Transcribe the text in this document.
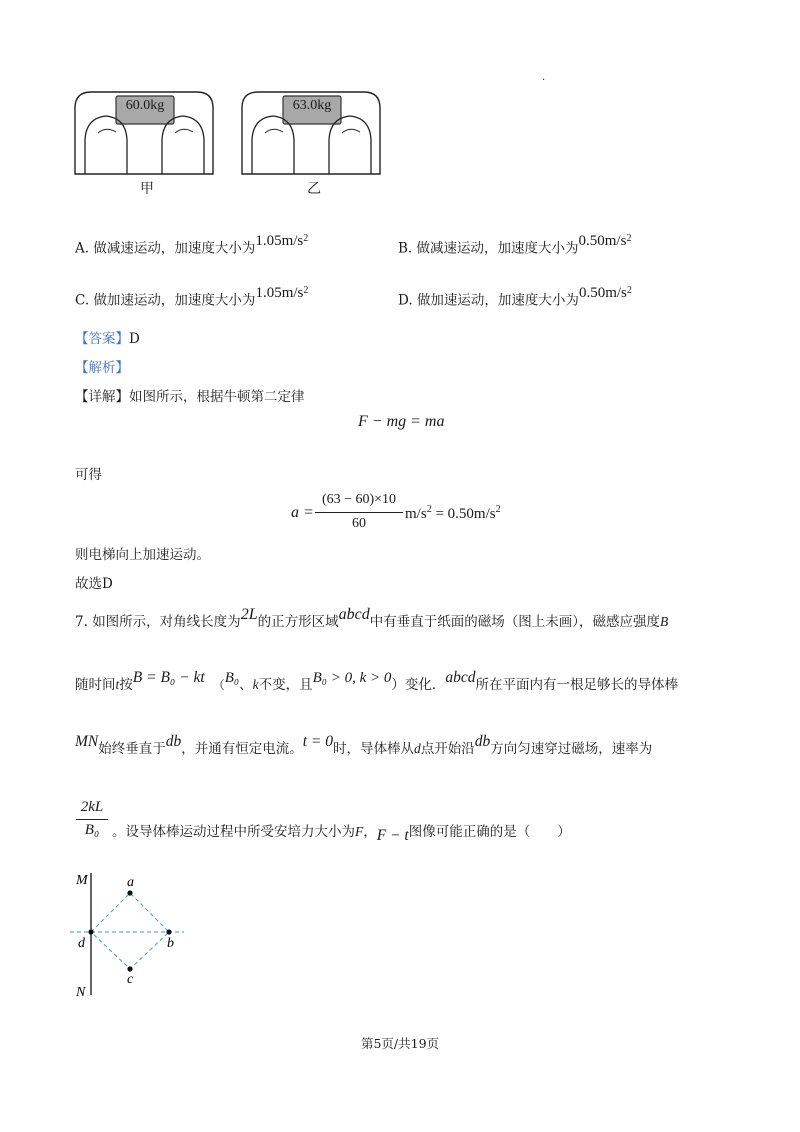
60.0kg	63.0kg
甲	乙
.
A. 做减速运动，加速度大小为$1.05m/s^2$
B. 做减速运动，加速度大小为$0.50m/s^2$
C. 做加速运动，加速度大小为$1.05m/s^2$
D. 做加速运动，加速度大小为$0.50m/s^2$
【答案】D
【解析】
【详解】如图所示，根据牛顿第二定律
F − mg = ma
可得
a =
(63 − 60)×10
60
$m/s^2 = 0.50m/s^2$
则电梯向上加速运动。
故选D
7. 如图所示，对角线长度为2L的正方形区域abcd中有垂直于纸面的磁场（图上未画），磁感应强度B
随时间t按B = B₀ − kt （B₀、k不变，且B₀ > 0, k > 0）变化．abcd所在平面内有一根足够长的导体棒
MN始终垂直于db，并通有恒定电流。t = 0时，导体棒从d点开始沿db方向匀速穿过磁场，速率为
2kL
B₀ 。设导体棒运动过程中所受安培力大小为F，F − t图像可能正确的是（　　）
M
N
a
b
c
d
第5页/共19页
